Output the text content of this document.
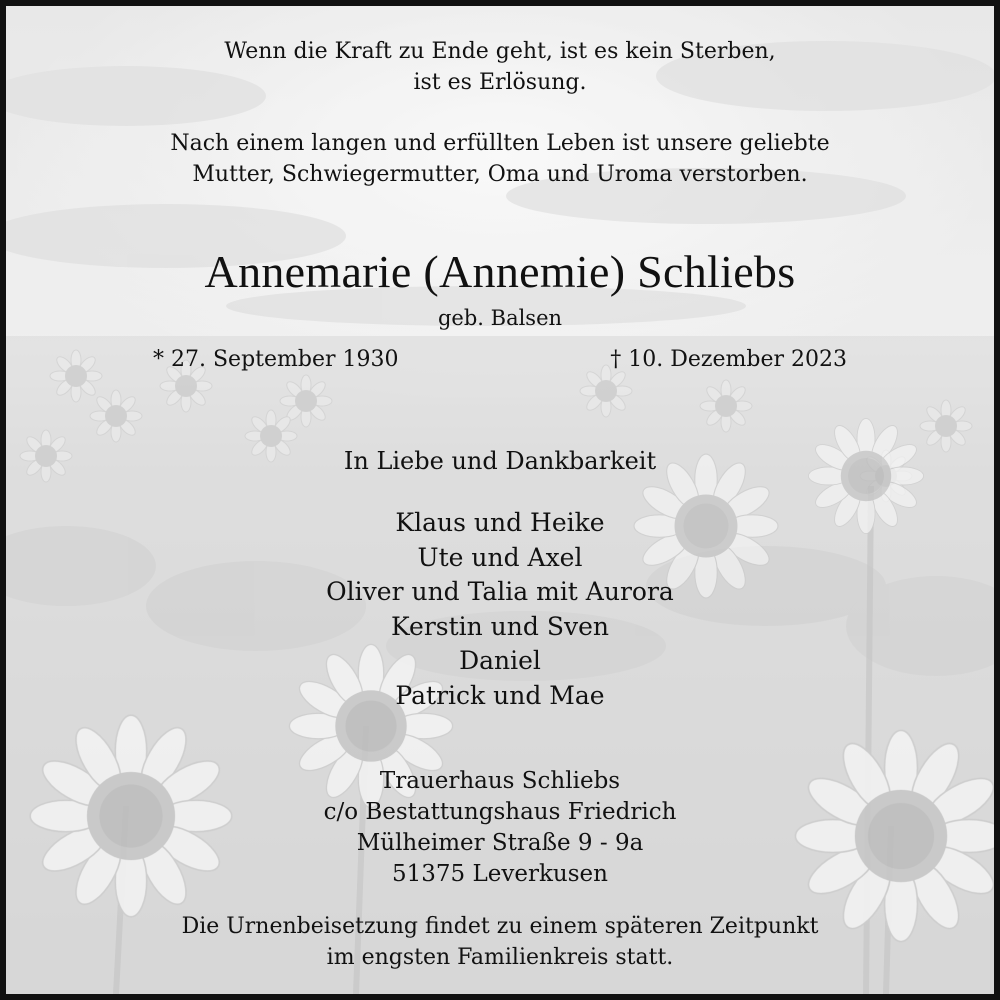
Wenn die Kraft zu Ende geht, ist es kein Sterben,
ist es Erlösung.
Nach einem langen und erfüllten Leben ist unsere geliebte
Mutter, Schwiegermutter, Oma und Uroma verstorben.
Annemarie (Annemie) Schliebs
geb. Balsen
* 27. September 1930	† 10. Dezember 2023
In Liebe und Dankbarkeit
Klaus und Heike
Ute und Axel
Oliver und Talia mit Aurora
Kerstin und Sven
Daniel
Patrick und Mae
Trauerhaus Schliebs
c/o Bestattungshaus Friedrich
Mülheimer Straße 9 - 9a
51375 Leverkusen
Die Urnenbeisetzung findet zu einem späteren Zeitpunkt
im engsten Familienkreis statt.
